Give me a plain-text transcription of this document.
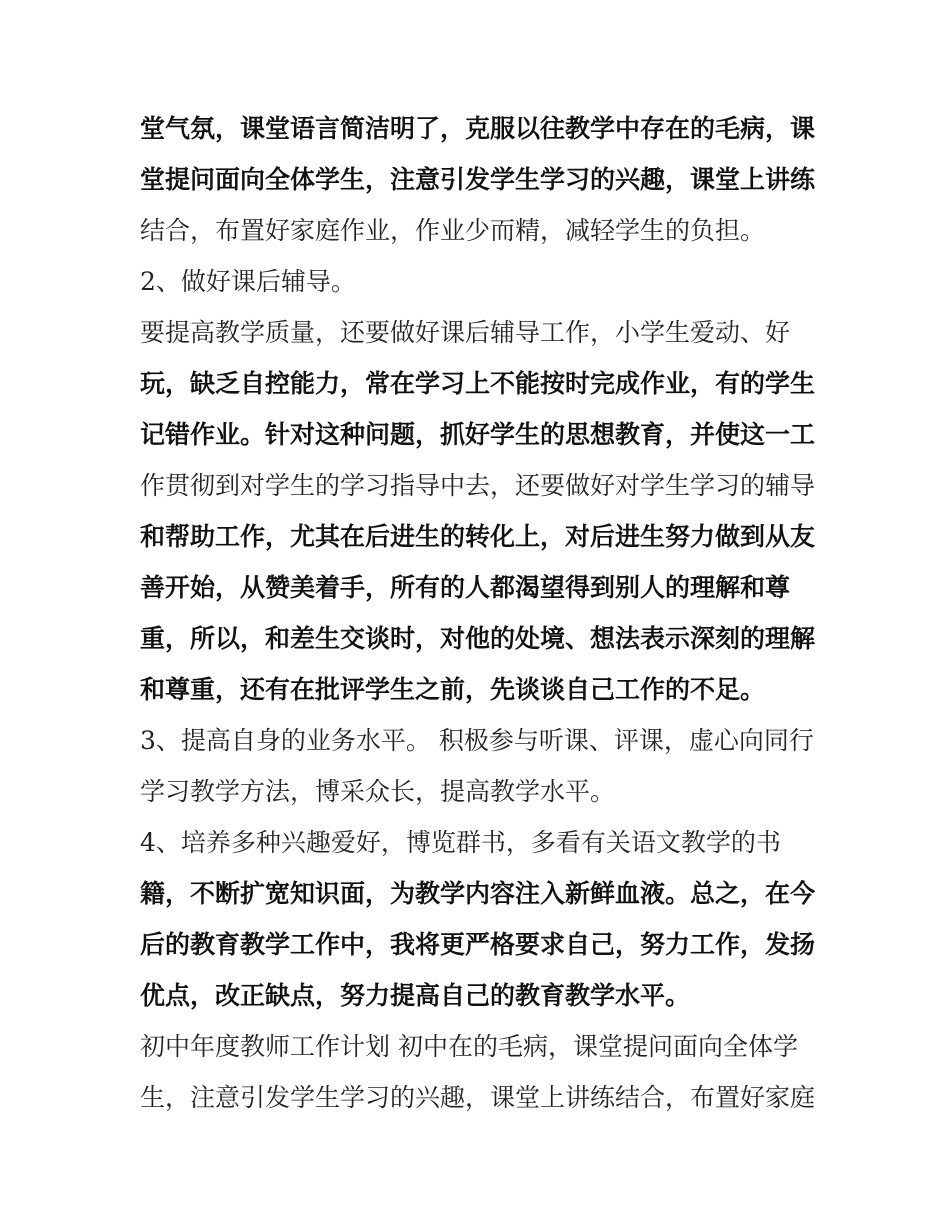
堂气氛，课堂语言简洁明了，克服以往教学中存在的毛病，课
堂提问面向全体学生，注意引发学生学习的兴趣，课堂上讲练
结合，布置好家庭作业，作业少而精，减轻学生的负担。
2、做好课后辅导。
要提高教学质量，还要做好课后辅导工作，小学生爱动、好
玩，缺乏自控能力，常在学习上不能按时完成作业，有的学生
记错作业。针对这种问题，抓好学生的思想教育，并使这一工
作贯彻到对学生的学习指导中去，还要做好对学生学习的辅导
和帮助工作，尤其在后进生的转化上，对后进生努力做到从友
善开始，从赞美着手，所有的人都渴望得到别人的理解和尊
重，所以，和差生交谈时，对他的处境、想法表示深刻的理解
和尊重，还有在批评学生之前，先谈谈自己工作的不足。
3、提高自身的业务水平。 积极参与听课、评课，虚心向同行
学习教学方法，博采众长，提高教学水平。
4、培养多种兴趣爱好，博览群书，多看有关语文教学的书
籍，不断扩宽知识面，为教学内容注入新鲜血液。总之，在今
后的教育教学工作中，我将更严格要求自己，努力工作，发扬
优点，改正缺点，努力提高自己的教育教学水平。
初中年度教师工作计划 初中在的毛病，课堂提问面向全体学
生，注意引发学生学习的兴趣，课堂上讲练结合，布置好家庭
